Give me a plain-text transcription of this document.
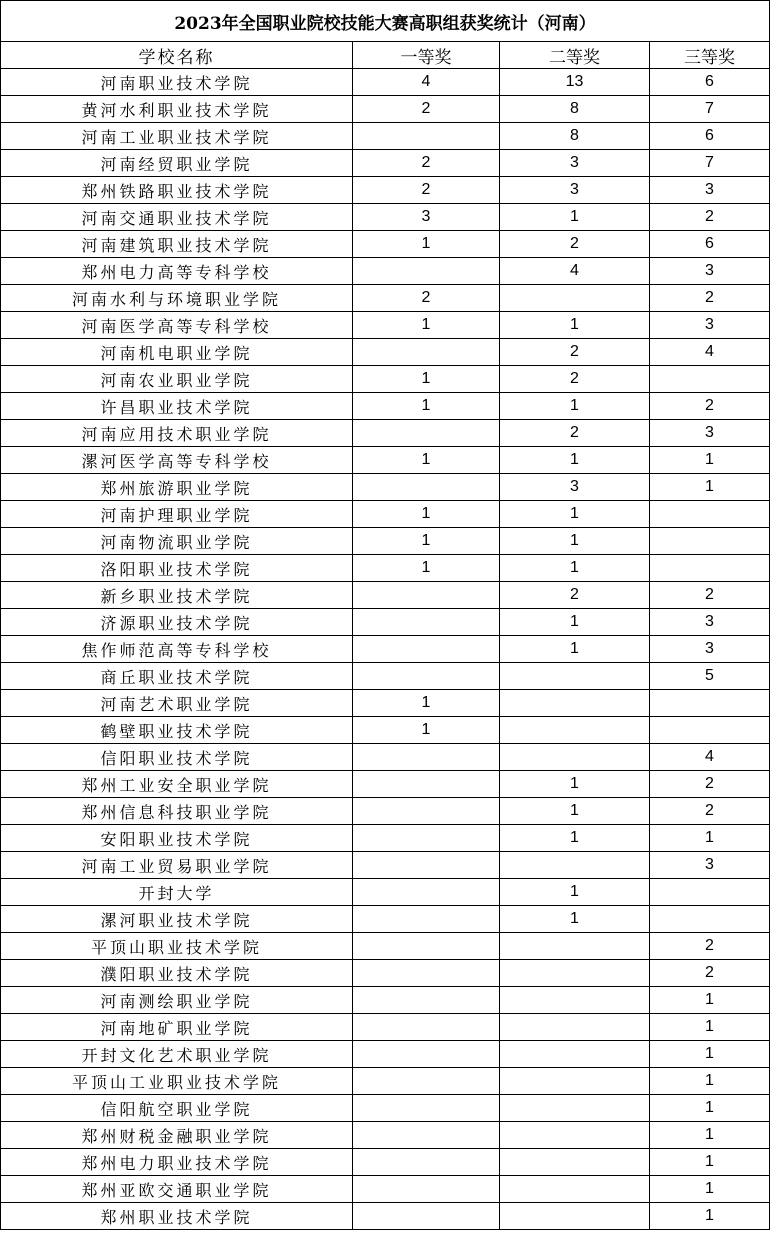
2023年全国职业院校技能大赛高职组获奖统计（河南）			
学校名称	一等奖	二等奖	三等奖
河南职业技术学院	4	13	6
黄河水利职业技术学院	2	8	7
河南工业职业技术学院		8	6
河南经贸职业学院	2	3	7
郑州铁路职业技术学院	2	3	3
河南交通职业技术学院	3	1	2
河南建筑职业技术学院	1	2	6
郑州电力高等专科学校		4	3
河南水利与环境职业学院	2		2
河南医学高等专科学校	1	1	3
河南机电职业学院		2	4
河南农业职业学院	1	2	
许昌职业技术学院	1	1	2
河南应用技术职业学院		2	3
漯河医学高等专科学校	1	1	1
郑州旅游职业学院		3	1
河南护理职业学院	1	1	
河南物流职业学院	1	1	
洛阳职业技术学院	1	1	
新乡职业技术学院		2	2
济源职业技术学院		1	3
焦作师范高等专科学校		1	3
商丘职业技术学院			5
河南艺术职业学院	1		
鹤壁职业技术学院	1		
信阳职业技术学院			4
郑州工业安全职业学院		1	2
郑州信息科技职业学院		1	2
安阳职业技术学院		1	1
河南工业贸易职业学院			3
开封大学		1	
漯河职业技术学院		1	
平顶山职业技术学院			2
濮阳职业技术学院			2
河南测绘职业学院			1
河南地矿职业学院			1
开封文化艺术职业学院			1
平顶山工业职业技术学院			1
信阳航空职业学院			1
郑州财税金融职业学院			1
郑州电力职业技术学院			1
郑州亚欧交通职业学院			1
郑州职业技术学院			1
